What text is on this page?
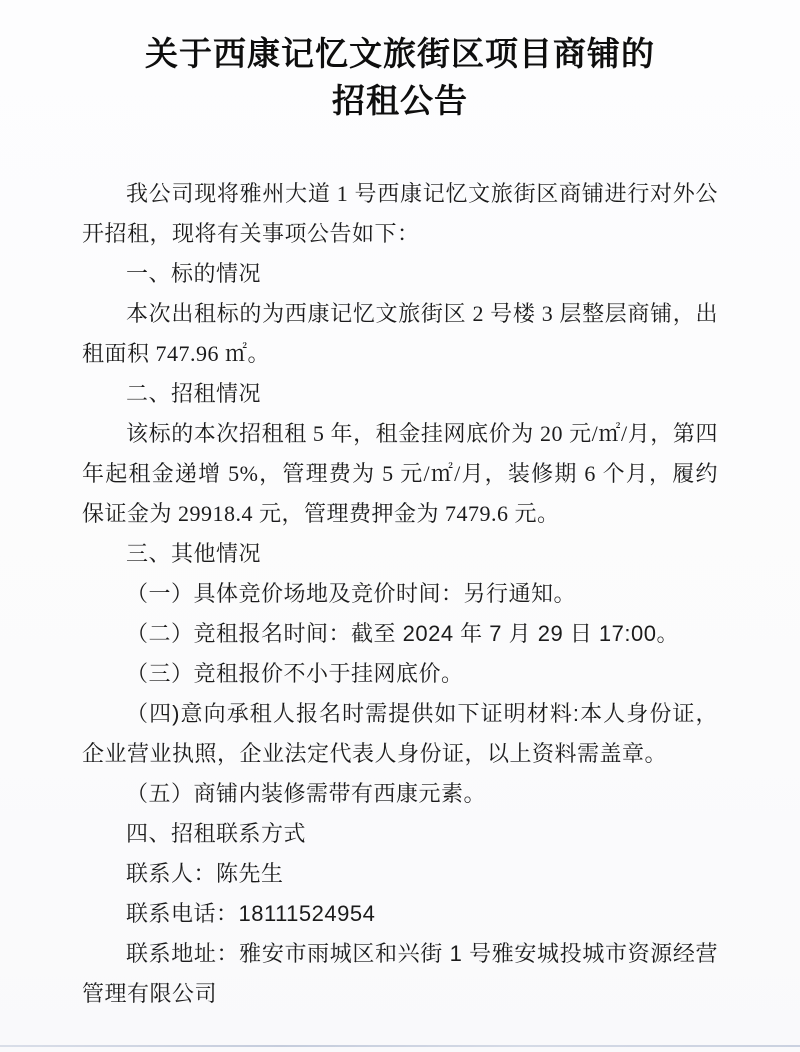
关于西康记忆文旅街区项目商铺的
招租公告

我公司现将雅州大道 1 号西康记忆文旅街区商铺进行对外公开招租，现将有关事项公告如下：

一、标的情况

本次出租标的为西康记忆文旅街区 2 号楼 3 层整层商铺，出租面积 747.96 ㎡。

二、招租情况

该标的本次招租租 5 年，租金挂网底价为 20 元/㎡/月，第四年起租金递增 5%，管理费为 5 元/㎡/月，装修期 6 个月，履约保证金为 29918.4 元，管理费押金为 7479.6 元。

三、其他情况

（一）具体竞价场地及竞价时间：另行通知。

（二）竞租报名时间：截至 2024 年 7 月 29 日 17:00。

（三）竞租报价不小于挂网底价。

（四)意向承租人报名时需提供如下证明材料:本人身份证，企业营业执照，企业法定代表人身份证，以上资料需盖章。

（五）商铺内装修需带有西康元素。

四、招租联系方式

联系人：陈先生

联系电话：18111524954

联系地址：雅安市雨城区和兴街 1 号雅安城投城市资源经营管理有限公司
